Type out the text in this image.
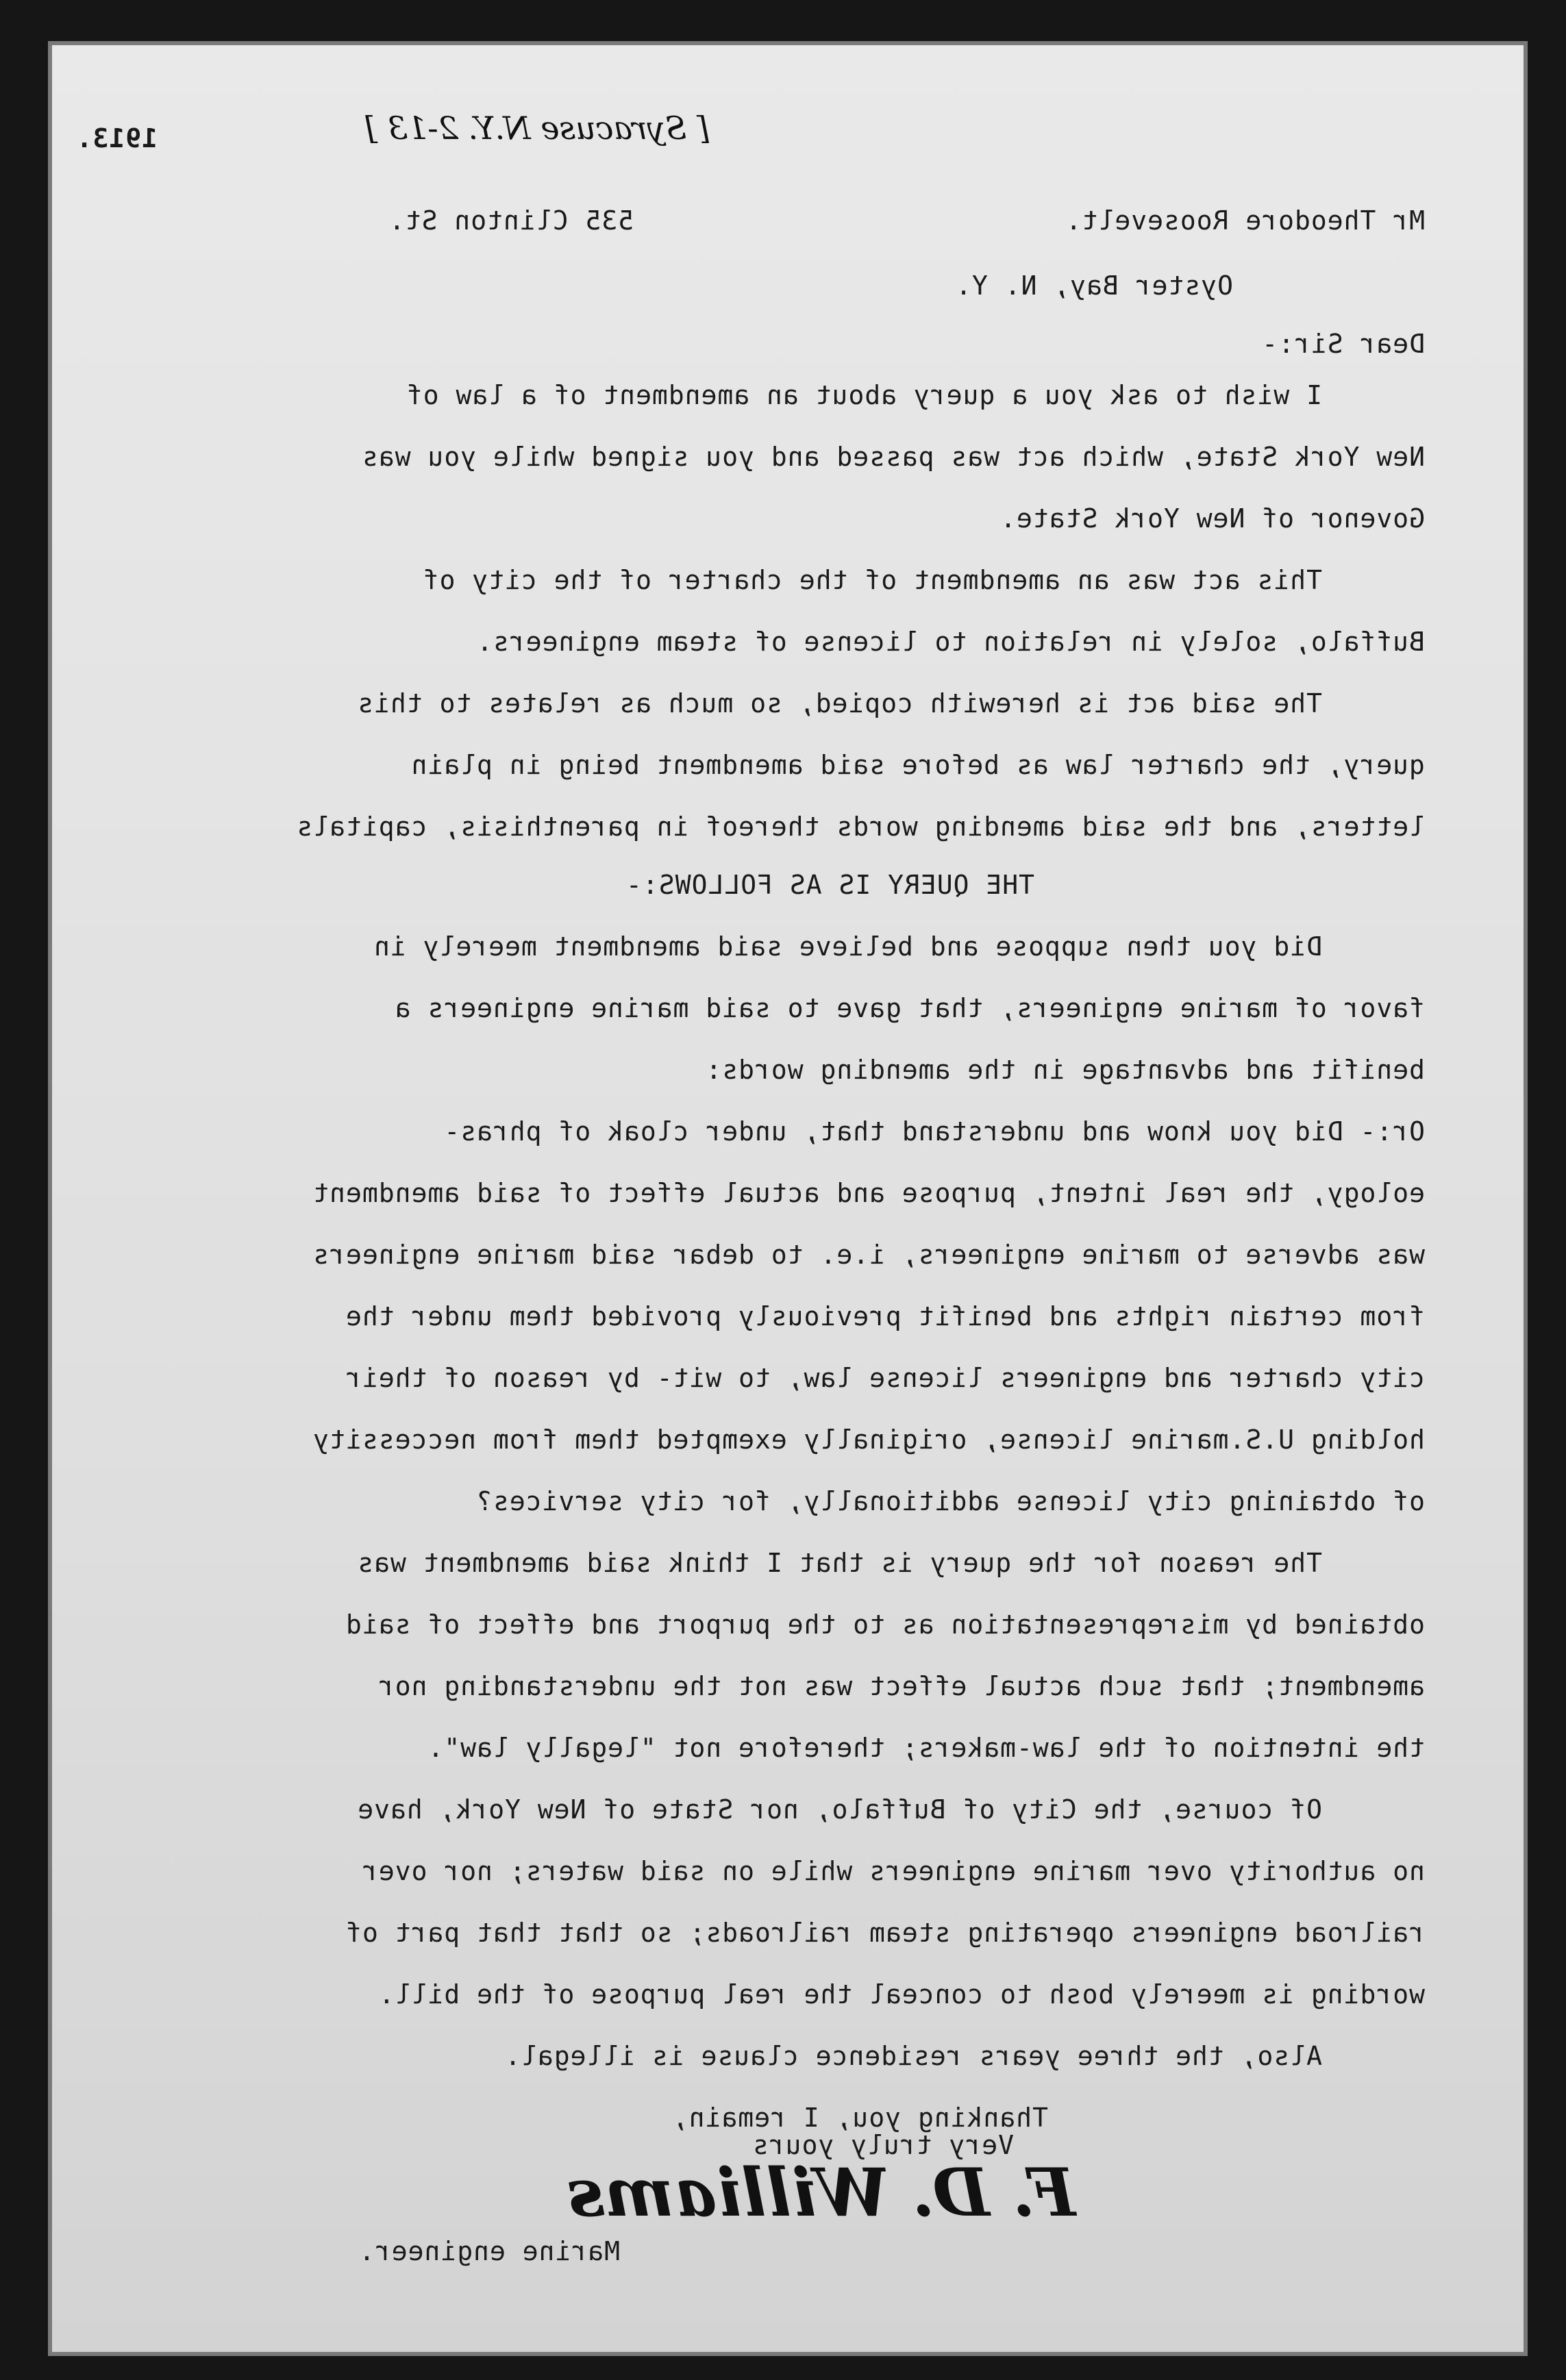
1913.	[ Syracuse N.Y. 2-13 ]
Mr Theodore Roosevelt.
535 Clinton St.
Oyster Bay, N. Y.
Dear Sir:-
I wish to ask you a query about an amendment of a law of
New York State, which act was passed and you signed while you was
Govenor of New York State.
This act was an amendment of the charter of the city of
Buffalo, solely in relation to license of steam engineers.
The said act is herewith copied, so much as relates to this
query, the charter law as before said amendment being in plain
letters, and the said amending words thereof in parenthisis, capitals
THE QUERY IS AS FOLLOWS:-
Did you then suppose and believe said amendment meerely in
favor of marine engineers, that gave to said marine engineers a
benifit and advantage in the amending words:
Or:- Did you know and understand that, under cloak of phras-
eology, the real intent, purpose and actual effect of said amendment
was adverse to marine engineers, i.e. to debar said marine engineers
from certain rights and benifit previously provided them under the
city charter and engineers license law, to wit- by reason of their
holding U.S.marine license, originally exempted them from neccessity
of obtaining city license additionally, for city services?
The reason for the query is that I think said amendment was
obtained by misrepresentation as to the purport and effect of said
amendment; that such actual effect was not the understanding nor
the intention of the law-makers; therefore not "legally law".
Of course, the City of Buffalo, nor State of New York, have
no authority over marine engineers while on said waters; nor over
railroad engineers operating steam railroads; so that that part of
wording is meerely bosh to conceal the real purpose of the bill.
Also, the three years residence clause is illegal.
Thanking you, I remain,
Very truly yours
F. D. Williams
Marine engineer.
